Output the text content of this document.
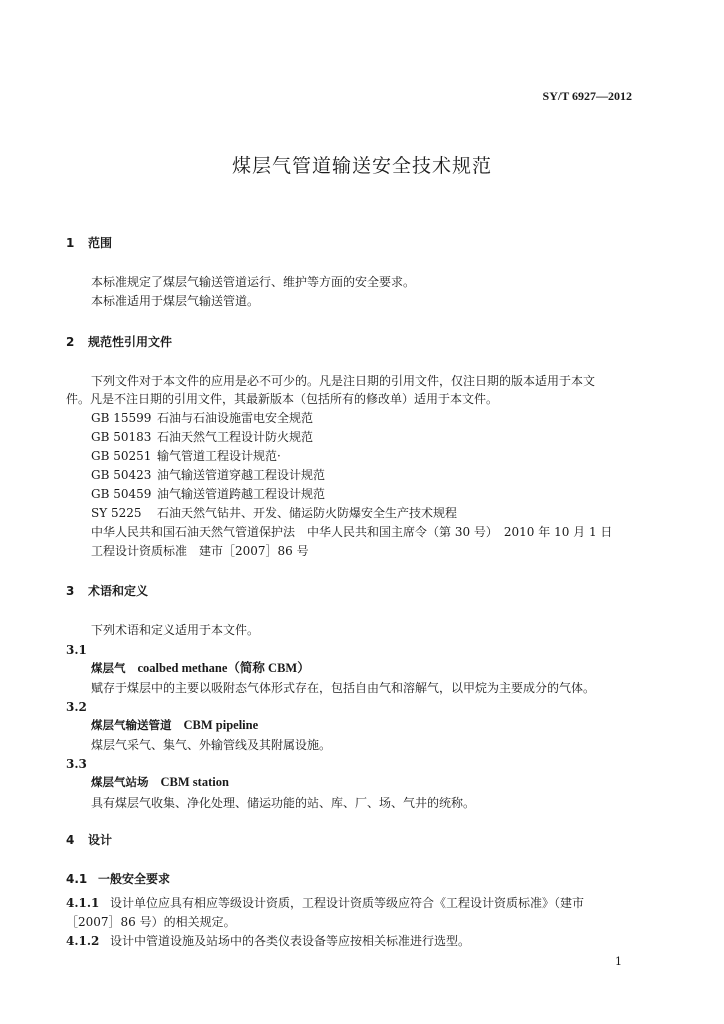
SY/T 6927—2012
煤层气管道输送安全技术规范
1 范围
本标准规定了煤层气输送管道运行、维护等方面的安全要求。
本标准适用于煤层气输送管道。
2 规范性引用文件
下列文件对于本文件的应用是必不可少的。凡是注日期的引用文件，仅注日期的版本适用于本文
件。凡是不注日期的引用文件，其最新版本（包括所有的修改单）适用于本文件。
GB 15599 石油与石油设施雷电安全规范
GB 50183 石油天然气工程设计防火规范
GB 50251 输气管道工程设计规范·
GB 50423 油气输送管道穿越工程设计规范
GB 50459 油气输送管道跨越工程设计规范
SY 5225 石油天然气钻井、开发、储运防火防爆安全生产技术规程
中华人民共和国石油天然气管道保护法　中华人民共和国主席令（第 30 号）　2010 年 10 月 1 日
工程设计资质标准　建市［2007］86 号
3 术语和定义
下列术语和定义适用于本文件。
3.1
煤层气 coalbed methane（简称 CBM）
赋存于煤层中的主要以吸附态气体形式存在，包括自由气和溶解气，以甲烷为主要成分的气体。
3.2
煤层气输送管道 CBM pipeline
煤层气采气、集气、外输管线及其附属设施。
3.3
煤层气站场 CBM station
具有煤层气收集、净化处理、储运功能的站、库、厂、场、气井的统称。
4 设计
4.1 一般安全要求
4.1.1 设计单位应具有相应等级设计资质，工程设计资质等级应符合《工程设计资质标准》（建市
［2007］86 号）的相关规定。
4.1.2 设计中管道设施及站场中的各类仪表设备等应按相关标准进行选型。
1
